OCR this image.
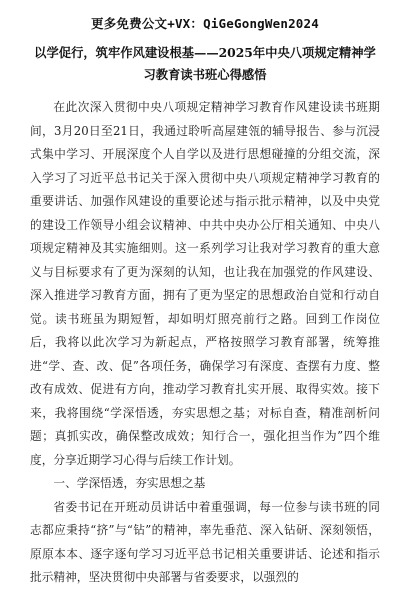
更多免费公文+VX：QiGeGongWen2024
以学促行，筑牢作风建设根基——2025年中央八项规定精神学习教育读书班心得感悟

在此次深入贯彻中央八项规定精神学习教育作风建设读书班期间，3月20日至21日，我通过聆听高屋建瓴的辅导报告、参与沉浸式集中学习、开展深度个人自学以及进行思想碰撞的分组交流，深入学习了习近平总书记关于深入贯彻中央八项规定精神学习教育的重要讲话、加强作风建设的重要论述与指示批示精神，以及中央党的建设工作领导小组会议精神、中共中央办公厅相关通知、中央八项规定精神及其实施细则。这一系列学习让我对学习教育的重大意义与目标要求有了更为深刻的认知，也让我在加强党的作风建设、深入推进学习教育方面，拥有了更为坚定的思想政治自觉和行动自觉。读书班虽为期短暂，却如明灯照亮前行之路。回到工作岗位后，我将以此次学习为新起点，严格按照学习教育部署，统筹推进“学、查、改、促”各项任务，确保学习有深度、查摆有力度、整改有成效、促进有方向，推动学习教育扎实开展、取得实效。接下来，我将围绕“学深悟透，夯实思想之基；对标自查，精准剖析问题；真抓实改，确保整改成效；知行合一，强化担当作为”四个维度，分享近期学习心得与后续工作计划。

一、学深悟透，夯实思想之基

省委书记在开班动员讲话中着重强调，每一位参与读书班的同志都应秉持“挤”与“钻”的精神，率先垂范、深入钻研、深刻领悟，原原本本、逐字逐句学习习近平总书记相关重要讲话、论述和指示批示精神，坚决贯彻中央部署与省委要求，以强烈的
